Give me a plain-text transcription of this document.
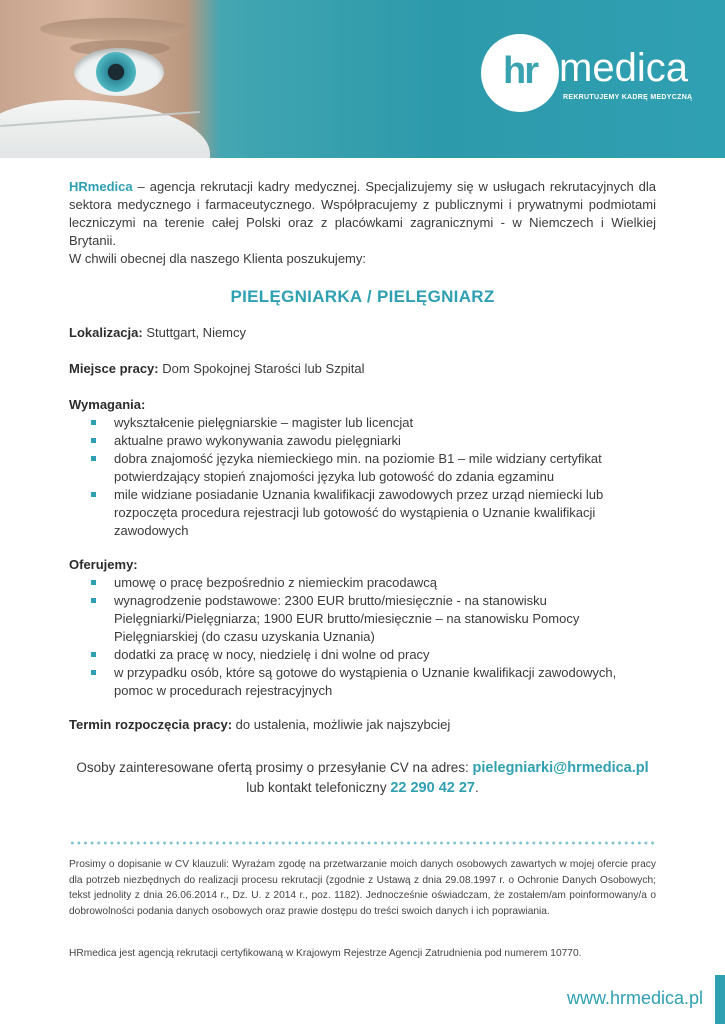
hr medica
REKRUTUJEMY KADRĘ MEDYCZNĄ

HRmedica – agencja rekrutacji kadry medycznej. Specjalizujemy się w usługach rekrutacyjnych dla sektora medycznego i farmaceutycznego. Współpracujemy z publicznymi i prywatnymi podmiotami leczniczymi na terenie całej Polski oraz z placówkami zagranicznymi - w Niemczech i Wielkiej Brytanii.

W chwili obecnej dla naszego Klienta poszukujemy:

PIELĘGNIARKA / PIELĘGNIARZ

Lokalizacja: Stuttgart, Niemcy

Miejsce pracy: Dom Spokojnej Starości lub Szpital

Wymagania:

wykształcenie pielęgniarskie – magister lub licencjat
aktualne prawo wykonywania zawodu pielęgniarki
dobra znajomość języka niemieckiego min. na poziomie B1 – mile widziany certyfikat potwierdzający stopień znajomości języka lub gotowość do zdania egzaminu
mile widziane posiadanie Uznania kwalifikacji zawodowych przez urząd niemiecki lub rozpoczęta procedura rejestracji lub gotowość do wystąpienia o Uznanie kwalifikacji zawodowych

Oferujemy:

umowę o pracę bezpośrednio z niemieckim pracodawcą
wynagrodzenie podstawowe: 2300 EUR brutto/miesięcznie - na stanowisku Pielęgniarki/Pielęgniarza; 1900 EUR brutto/miesięcznie – na stanowisku Pomocy Pielęgniarskiej (do czasu uzyskania Uznania)
dodatki za pracę w nocy, niedzielę i dni wolne od pracy
w przypadku osób, które są gotowe do wystąpienia o Uznanie kwalifikacji zawodowych, pomoc w procedurach rejestracyjnych

Termin rozpoczęcia pracy: do ustalenia, możliwie jak najszybciej

Osoby zainteresowane ofertą prosimy o przesyłanie CV na adres: pielegniarki@hrmedica.pl

lub kontakt telefoniczny 22 290 42 27.

Prosimy o dopisanie w CV klauzuli: Wyrażam zgodę na przetwarzanie moich danych osobowych zawartych w mojej ofercie pracy dla potrzeb niezbędnych do realizacji procesu rekrutacji (zgodnie z Ustawą z dnia 29.08.1997 r. o Ochronie Danych Osobowych; tekst jednolity z dnia 26.06.2014 r., Dz. U. z 2014 r., poz. 1182). Jednocześnie oświadczam, że zostałem/am poinformowany/a o dobrowolności podania danych osobowych oraz prawie dostępu do treści swoich danych i ich poprawiania.

HRmedica jest agencją rekrutacji certyfikowaną w Krajowym Rejestrze Agencji Zatrudnienia pod numerem 10770.

www.hrmedica.pl
